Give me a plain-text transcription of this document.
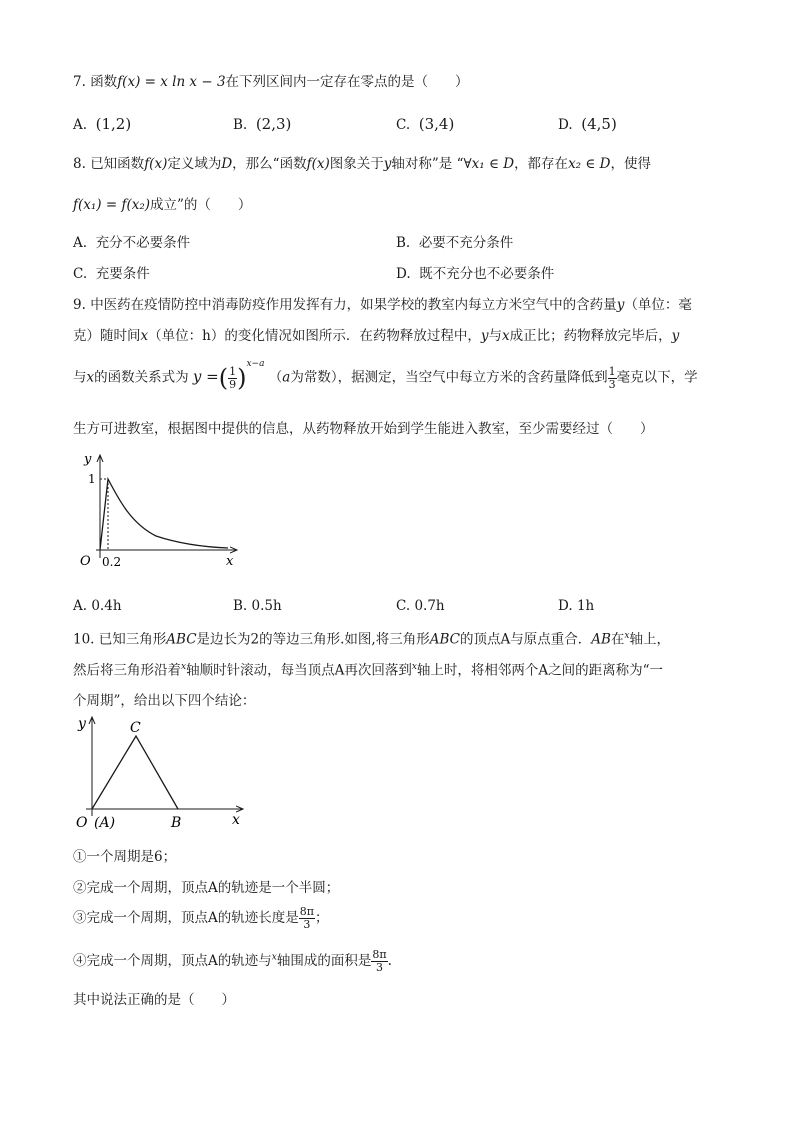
7. 函数f(x) = x ln x − 3在下列区间内一定存在零点的是（　　）
A. (1,2)	B. (2,3)	C. (3,4)	D. (4,5)
8. 已知函数f(x)定义域为D，那么“函数f(x)图象关于y轴对称”是 “∀x₁ ∈ D，都存在x₂ ∈ D，使得
f(x₁) = f(x₂)成立”的（　　）
A. 充分不必要条件	B. 必要不充分条件
C. 充要条件	D. 既不充分也不必要条件
9. 中医药在疫情防控中消毒防疫作用发挥有力，如果学校的教室内每立方米空气中的含药量y（单位：毫
克）随时间x（单位：h）的变化情况如图所示．在药物释放过程中，y与x成正比；药物释放完毕后，y
与x的函数关系式为 y =( $\frac{1}{9} )^{x-a}$ （a为常数），据测定，当空气中每立方米的含药量降低到 $\frac{1}{3}$ 毫克以下，学
生方可进教室，根据图中提供的信息，从药物释放开始到学生能进入教室，至少需要经过（　　）
y
x
O
1
0.2
A. 0.4h	B. 0.5h	C. 0.7h	D. 1h
10. 已知三角形ABC是边长为2的等边三角形.如图,将三角形ABC的顶点A与原点重合．AB在$^x$轴上，
然后将三角形沿着$^x$轴顺时针滚动，每当顶点A再次回落到$^x$轴上时，将相邻两个A之间的距离称为“一
个周期”，给出以下四个结论：
y
x
O (A)	B
C
①一个周期是6；
②完成一个周期，顶点A的轨迹是一个半圆；
③完成一个周期，顶点A的轨迹长度是 $\frac{8\pi}{3}$ ；
④完成一个周期，顶点A的轨迹与$^x$轴围成的面积是 $\frac{8\pi}{3}$ .
其中说法正确的是（　　）
